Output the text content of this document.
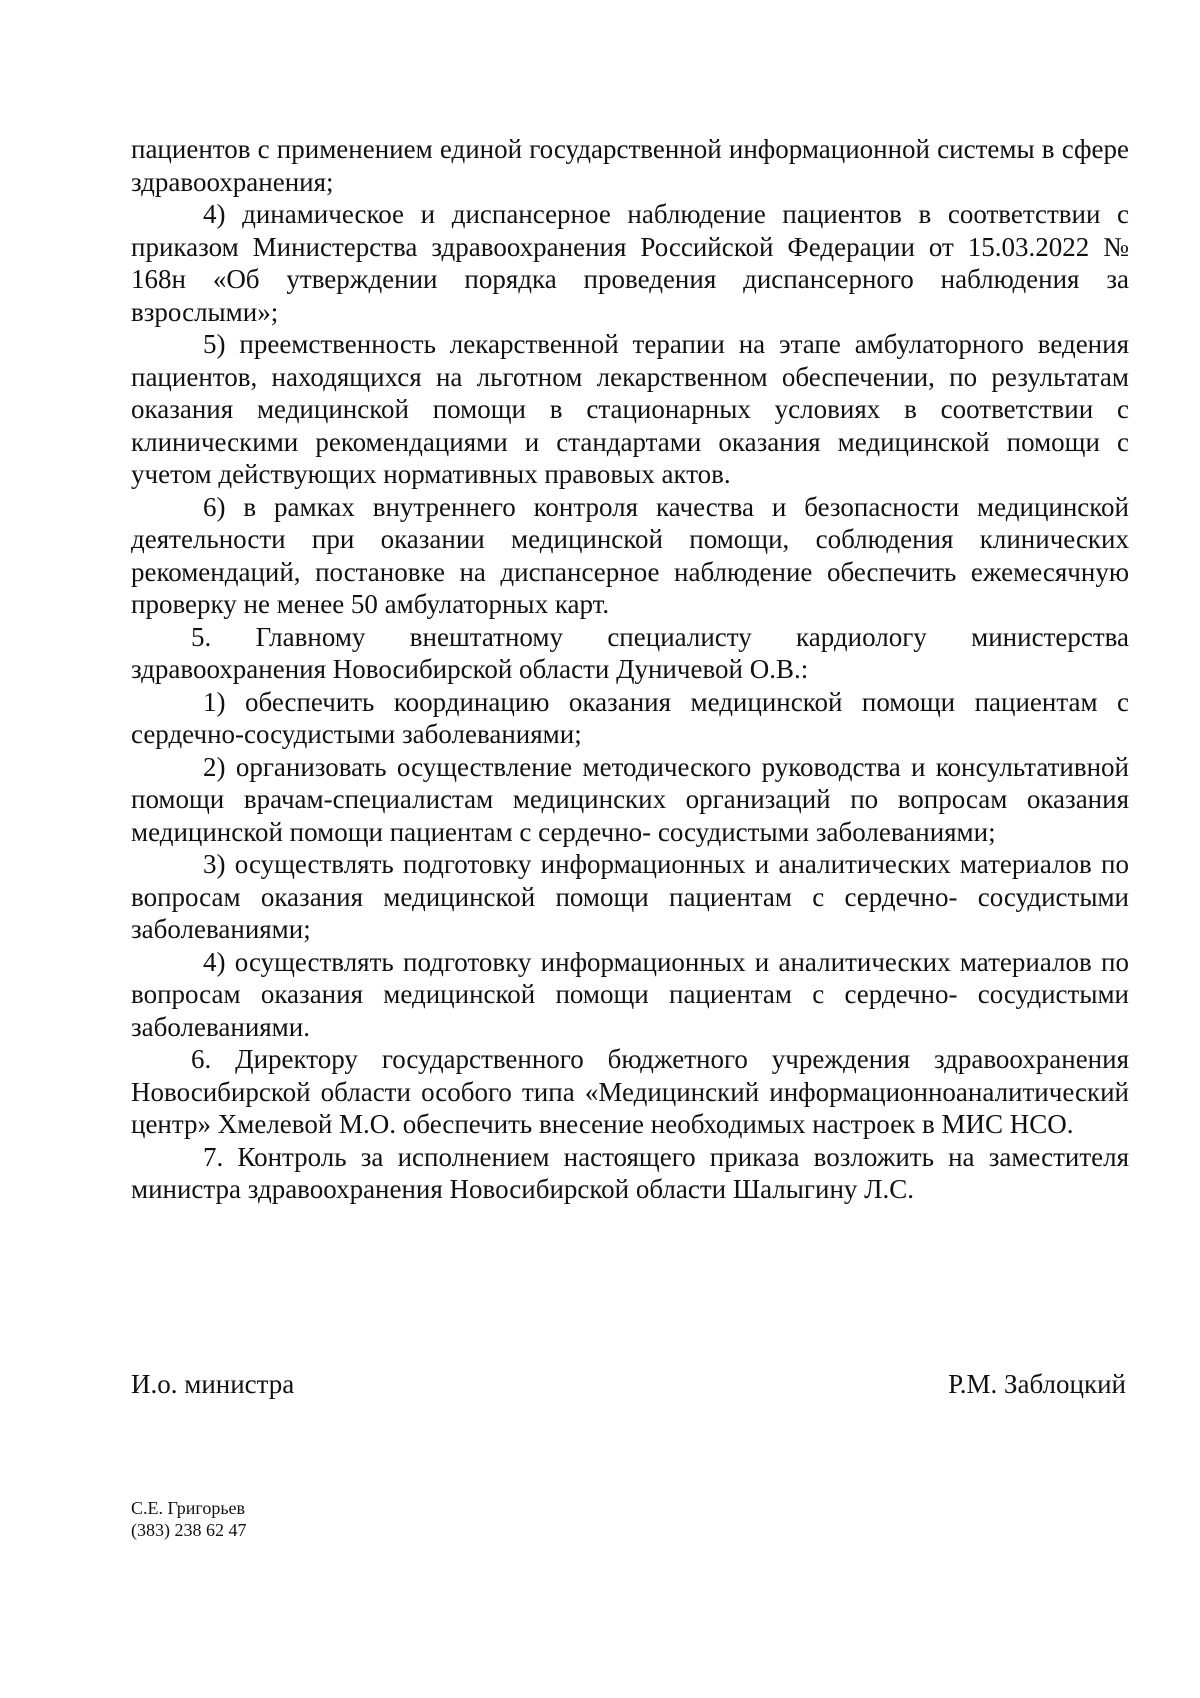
пациентов с применением единой государственной информационной системы в сфере здравоохранения;

4) динамическое и диспансерное наблюдение пациентов в соответствии с приказом Министерства здравоохранения Российской Федерации от 15.03.2022 № 168н «Об утверждении порядка проведения диспансерного наблюдения за взрослыми»;

5) преемственность лекарственной терапии на этапе амбулаторного ведения пациентов, находящихся на льготном лекарственном обеспечении, по результатам оказания медицинской помощи в стационарных условиях в соответствии с клиническими рекомендациями и стандартами оказания медицинской помощи с учетом действующих нормативных правовых актов.

6) в рамках внутреннего контроля качества и безопасности медицинской деятельности при оказании медицинской помощи, соблюдения клинических рекомендаций, постановке на диспансерное наблюдение обеспечить ежемесячную проверку не менее 50 амбулаторных карт.

5. Главному внештатному специалисту кардиологу министерства здравоохранения Новосибирской области Дуничевой О.В.:

1) обеспечить координацию оказания медицинской помощи пациентам с сердечно-сосудистыми заболеваниями;

2) организовать осуществление методического руководства и консультативной помощи врачам-специалистам медицинских организаций по вопросам оказания медицинской помощи пациентам с сердечно- сосудистыми заболеваниями;

3) осуществлять подготовку информационных и аналитических материалов по вопросам оказания медицинской помощи пациентам с сердечно- сосудистыми заболеваниями;

4) осуществлять подготовку информационных и аналитических материалов по вопросам оказания медицинской помощи пациентам с сердечно- сосудистыми заболеваниями.

6. Директору государственного бюджетного учреждения здравоохранения Новосибирской области особого типа «Медицинский информационноаналитический центр» Хмелевой М.О. обеспечить внесение необходимых настроек в МИС НСО.

7. Контроль за исполнением настоящего приказа возложить на заместителя министра здравоохранения Новосибирской области Шалыгину Л.С.

И.о. министра	Р.М. Заблоцкий
С.Е. Григорьев
(383) 238 62 47
